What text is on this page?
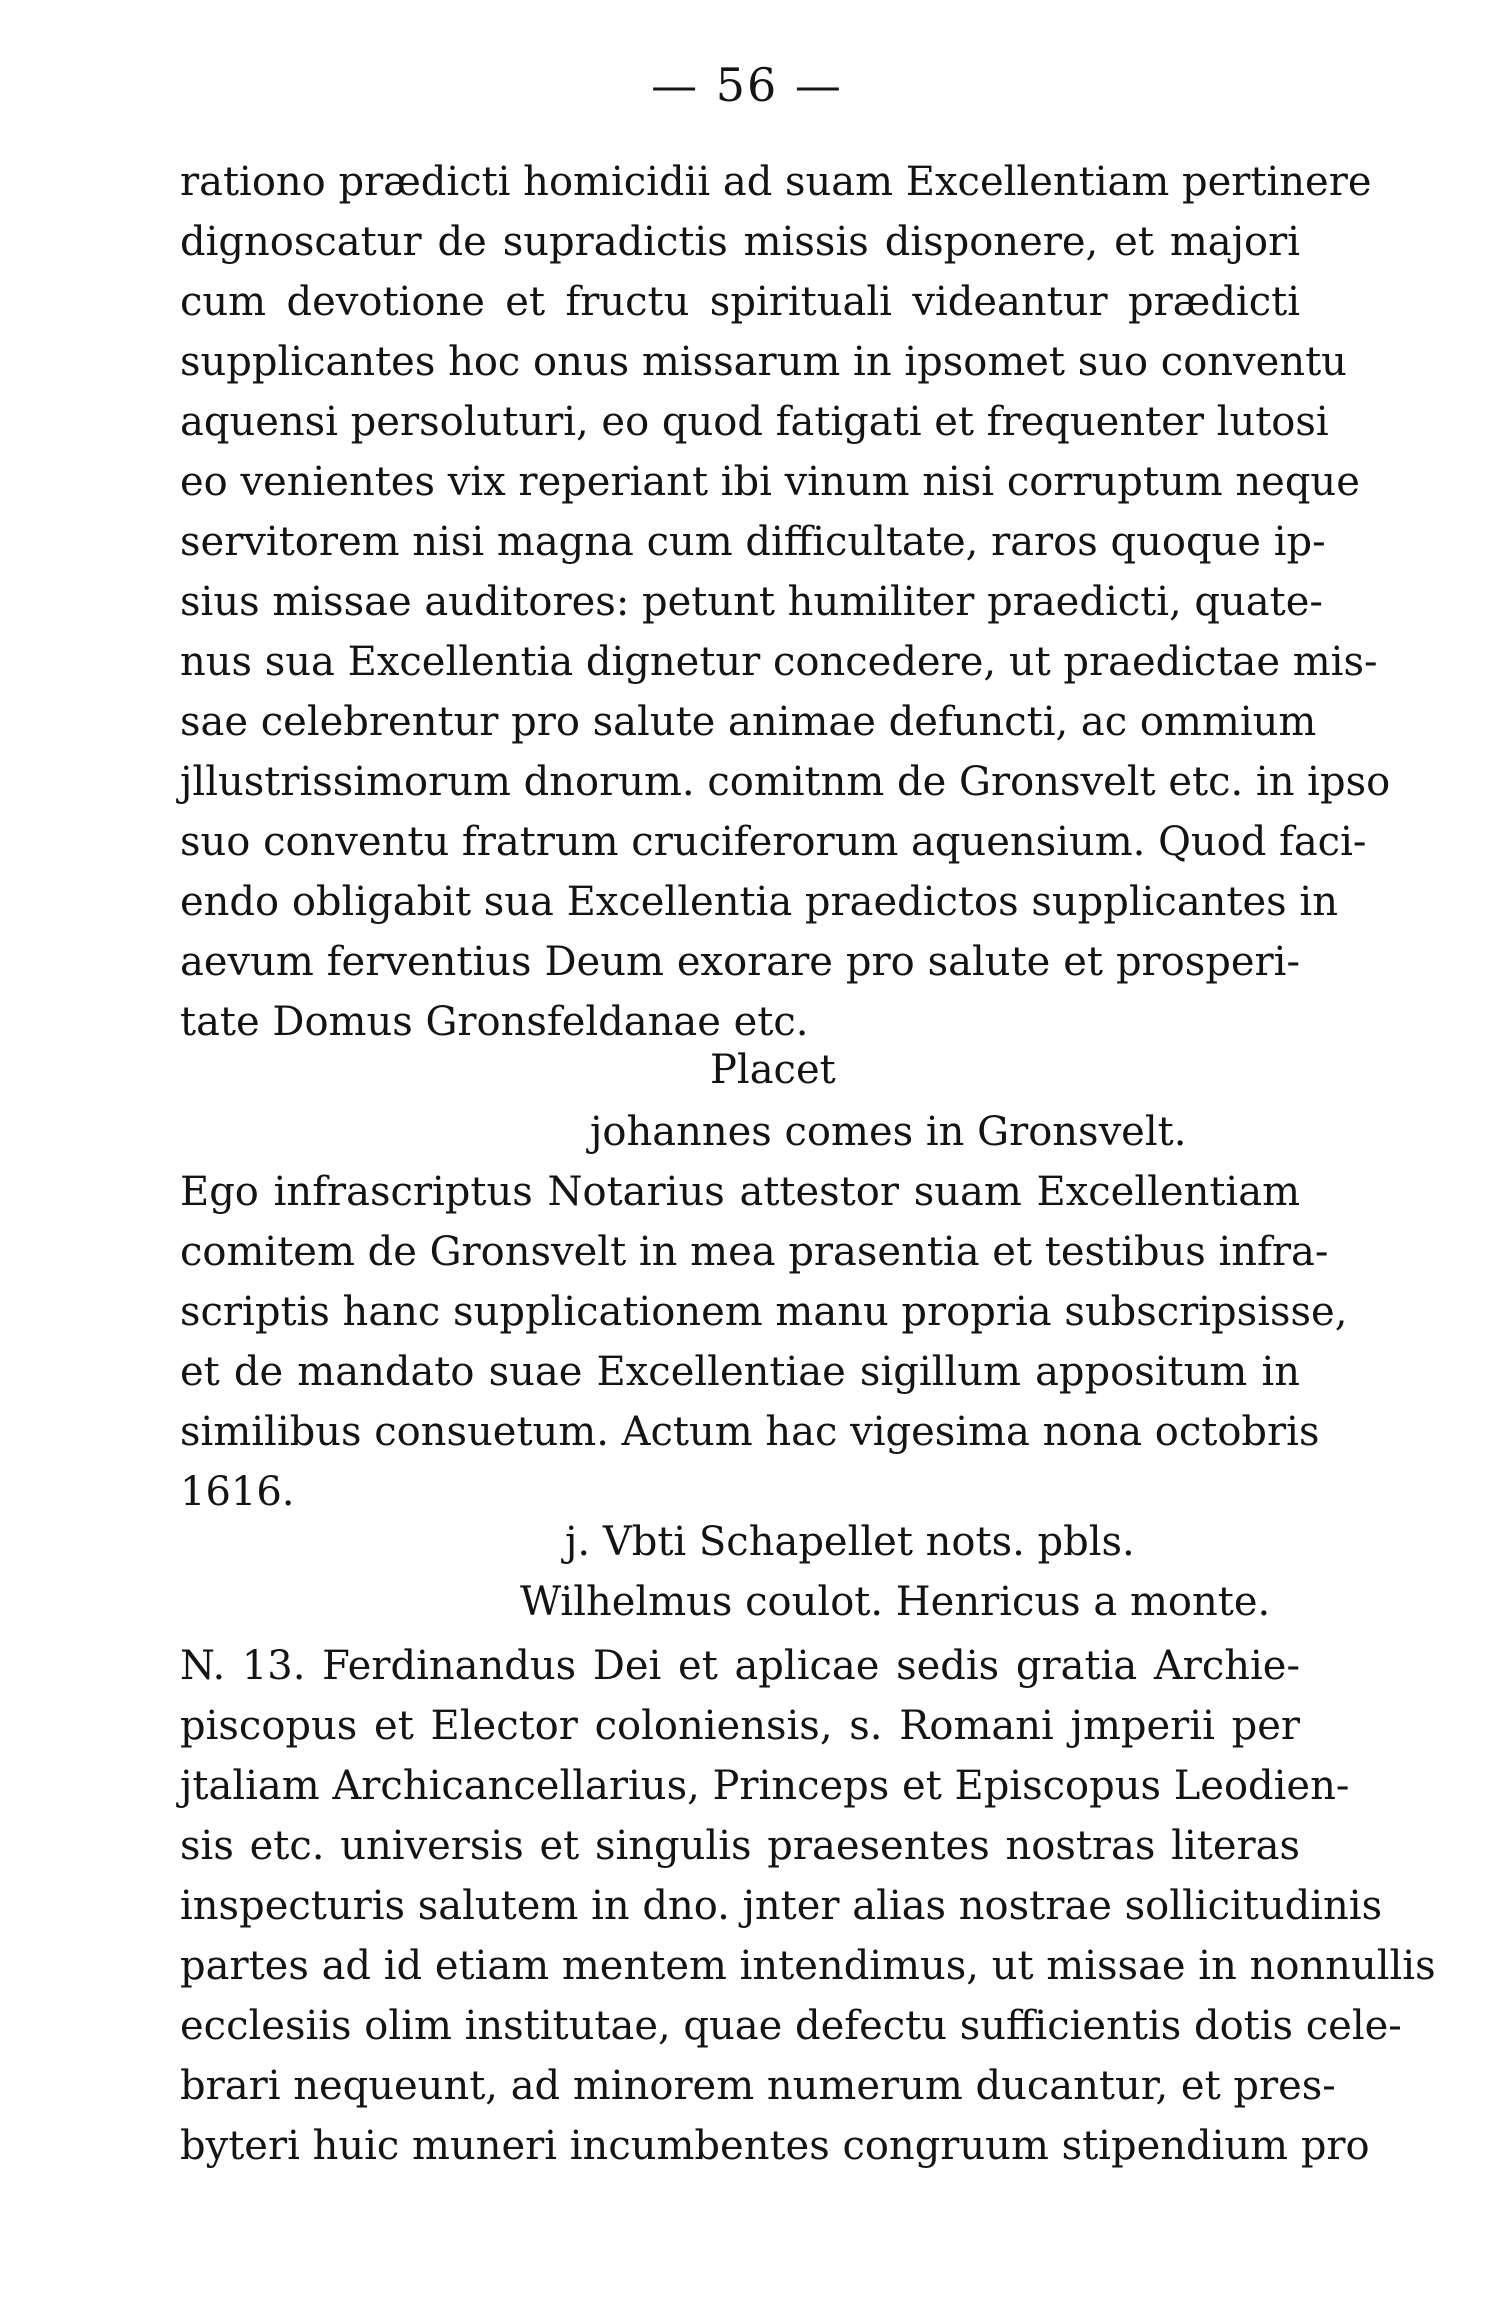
— 56 —
rationo prædicti homicidii ad suam Excellentiam pertinere
dignoscatur de supradictis missis disponere, et majori
cum devotione et fructu spirituali videantur prædicti
supplicantes hoc onus missarum in ipsomet suo conventu
aquensi persoluturi, eo quod fatigati et frequenter lutosi
eo venientes vix reperiant ibi vinum nisi corruptum neque
servitorem nisi magna cum difficultate, raros quoque ip-
sius missae auditores: petunt humiliter praedicti, quate-
nus sua Excellentia dignetur concedere, ut praedictae mis-
sae celebrentur pro salute animae defuncti, ac ommium
jllustrissimorum dnorum. comitnm de Gronsvelt etc. in ipso
suo conventu fratrum cruciferorum aquensium. Quod faci-
endo obligabit sua Excellentia praedictos supplicantes in
aevum ferventius Deum exorare pro salute et prosperi-
tate Domus Gronsfeldanae etc.
Placet
johannes comes in Gronsvelt.
Ego infrascriptus Notarius attestor suam Excellentiam
comitem de Gronsvelt in mea prasentia et testibus infra-
scriptis hanc supplicationem manu propria subscripsisse,
et de mandato suae Excellentiae sigillum appositum in
similibus consuetum. Actum hac vigesima nona octobris
1616.
j. Vbti Schapellet nots. pbls.
Wilhelmus coulot. Henricus a monte.
N. 13. Ferdinandus Dei et aplicae sedis gratia Archie-
piscopus et Elector coloniensis, s. Romani jmperii per
jtaliam Archicancellarius, Princeps et Episcopus Leodien-
sis etc. universis et singulis praesentes nostras literas
inspecturis salutem in dno. jnter alias nostrae sollicitudinis
partes ad id etiam mentem intendimus, ut missae in nonnullis
ecclesiis olim institutae, quae defectu sufficientis dotis cele-
brari nequeunt, ad minorem numerum ducantur, et pres-
byteri huic muneri incumbentes congruum stipendium pro
